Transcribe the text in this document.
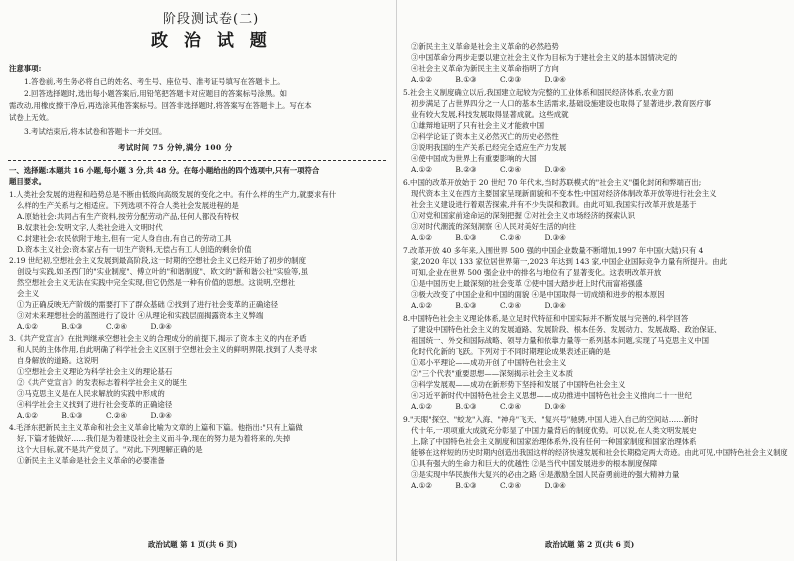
阶段测试卷(二)
政 治 试 题
注意事项:
1.答卷前,考生务必将自己的姓名、考生号、座位号、准考证号填写在答题卡上。
2.回答选择题时,选出每小题答案后,用铅笔把答题卡对应题目的答案标号涂黑。如
需改动,用橡皮擦干净后,再选涂其他答案标号。回答非选择题时,将答案写在答题卡上。写在本
试卷上无效。
3.考试结束后,将本试卷和答题卡一并交回。
考试时间 75 分钟,满分 100 分
一、选择题:本题共 16 小题,每小题 3 分,共 48 分。在每小题给出的四个选项中,只有一项符合
题目要求。
1.人类社会发展的进程和趋势总是不断由低级向高级发展的变化之中。有什么样的生产力,就要求有什
么样的生产关系与之相适应。下列选项不符合人类社会发展进程的是
A.原始社会:共同占有生产资料,按劳分配劳动产品,任何人都没有特权
B.奴隶社会:发明文字,人类社会进入文明时代
C.封建社会:农民依附于地主,但有一定人身自由,有自己的劳动工具
D.资本主义社会:资本家占有一切生产资料,无偿占有工人创造的剩余价值
2.19 世纪初,空想社会主义发展到最高阶段,这一时期的空想社会主义已经开始了初步的制度
创设与实践,如圣西门的"实业制度"、傅立叶的"和谐制度"、欧文的"新和谐公社"实验等,虽
然空想社会主义无法在实践中完全实现,但它仍然是一种有价值的思想。这说明,空想社
会主义
①为正确反映无产阶级的需要打下了群众基础 ②找到了进行社会变革的正确途径
③对未来理想社会的蓝图进行了设计 ④从理论和实践层面揭露资本主义弊端
A.①②          B.①③          C.②④          D.③④
3.《共产党宣言》在批判继承空想社会主义的合理成分的前提下,揭示了资本主义的内在矛盾
和人民的主体作用,自此明确了科学社会主义区别于空想社会主义的鲜明界限,找到了人类寻求
自身解放的道路。这说明
①空想社会主义理论为科学社会主义的理论基石
②《共产党宣言》的发表标志着科学社会主义的诞生
③马克思主义是在人民求解放的实践中形成的
④科学社会主义找到了进行社会变革的正确途径
A.①②          B.①③          C.②④          D.③④
4.毛泽东把新民主主义革命和社会主义革命比喻为文章的上篇和下篇。他指出:"只有上篇做
好,下篇才能做好……我们是为着建设社会主义而斗争,现在的努力是为着将来的,失掉
这个大目标,就不是共产党员了。"对此,下列理解正确的是
①新民主主义革命是社会主义革命的必要准备
政治试题 第 1 页(共 6 页)
②新民主主义革命是社会主义革命的必然趋势
③中国革命分两步走要以建立社会主义作为目标为于建社会主义的基本国情决定的
④社会主义革命为新民主主义革命指明了方向
A.①②          B.①③          C.②③          D.③④
5.社会主义制度确立以后,我国建立起较为完整的工业体系和国民经济体系,农业方面
初步满足了占世界四分之一人口的基本生活需求,基础设施建设也取得了显著进步,教育医疗事
业有较大发展,科技发展取得显著成就。这些成就
①雄辩地证明了只有社会主义才能救中国
②科学论证了资本主义必然灭亡的历史必然性
③说明我国的生产关系已经完全适应生产力发展
④使中国成为世界上有重要影响的大国
A.①②          B.②③          C.②④          D.③④
6.中国的改革开放始于 20 世纪 70 年代末,当时苏联模式的"社会主义"僵化封闭和弊端百出;
现代资本主义在西方主要国家呈现新面貌和不变本性;中国对经济体制改革开放等进行社会主义
社会主义建设进行着艰苦探索,并有不少失误和教训。由此可知,我国实行改革开放是基于
①对党和国家前途命运的深刻把握 ②对社会主义市场经济的探索认识
③对时代潮流的深刻洞察 ④人民对美好生活的向往
A.①②          B.①③          C.②④          D.③④
7.改革开放 40 多年来,入围世界 500 强的中国企业数量不断增加,1997 年中国(大陆)只有 4
家,2020 年以 133 家位居世界第一,2023 年达到 143 家,中国企业国际竞争力量有所提升。由此
可知,企业在世界 500 强企业中的排名与地位有了显著变化。这表明改革开放
①是中国历史上最深刻的社会变革 ②使中国大踏步赶上时代而富裕强盛
③极大改变了中国企业和中国的面貌 ④是中国取得一切成绩和进步的根本原因
A.①②          B.①③          C.②④          D.③④
8.中国特色社会主义理论体系,是立足时代特征和中国实际并不断发展与完善的,科学回答
了建设中国特色社会主义的发展道路、发展阶段、根本任务、发展动力、发展战略、政治保证、
祖国统一、外交和国际战略、领导力量和依靠力量等一系列基本问题,实现了马克思主义中国
化时代化新的飞跃。下列对于不同时期理论成果表述正确的是
①邓小平理论——成功开创了中国特色社会主义
②"三个代表"重要思想——深刻揭示社会主义本质
③科学发展观——成功在新形势下坚持和发展了中国特色社会主义
④习近平新时代中国特色社会主义思想——成功推进中国特色社会主义推向二十一世纪
A.①②          B.①③          C.②④          D.③④
9."天眼"探空、"蛟龙"入海、"神舟"飞天、"复兴号"驰骋,中国人进入自己的空间站……新时
代十年,一项项重大成就充分彰显了中国力量背后的制度优势。可以说,在人类文明发展史
上,除了中国特色社会主义制度和国家治理体系外,没有任何一种国家制度和国家治理体系
能够在这样短的历史时期内创造出我国这样的经济快速发展和社会长期稳定两大奇迹。由此可见,中国特色社会主义制度
①具有强大的生命力和巨大的优越性 ②是当代中国发展进步的根本制度保障
③是实现中华民族伟大复兴的必由之路 ④是激励全国人民奋勇前进的强大精神力量
A.①②          B.①③          C.②④          D.③④
政治试题 第 2 页(共 6 页)
